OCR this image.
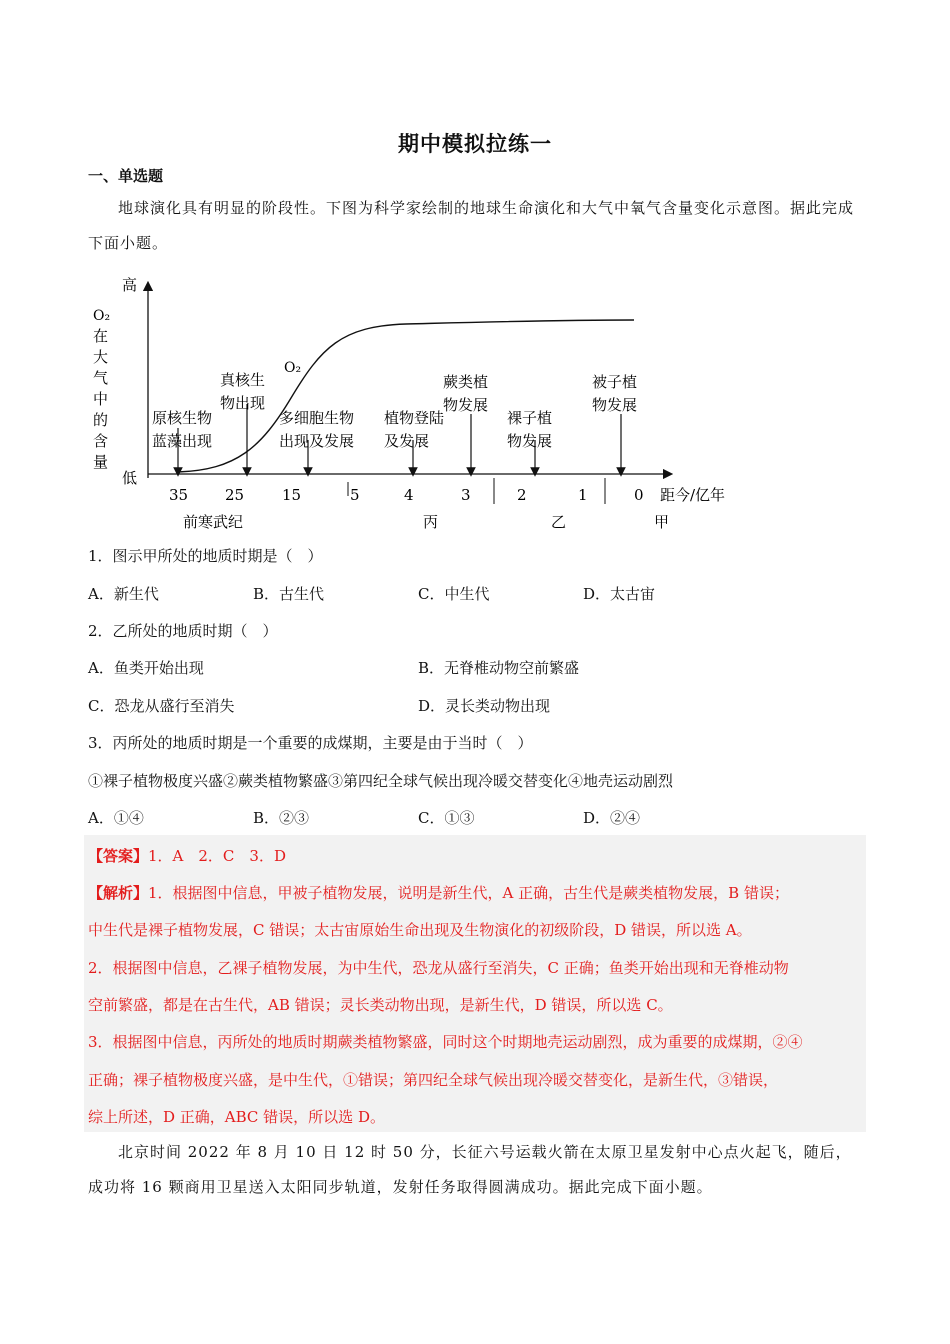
期中模拟拉练一
一、单选题
地球演化具有明显的阶段性。下图为科学家绘制的地球生命演化和大气中氧气含量变化示意图。据此完成下面小题。
高
低
O₂
在
大
气
中
的
含
量
O₂
原核生物
蓝藻出现
真核生
物出现
多细胞生物
出现及发展
植物登陆
及发展
蕨类植
物发展
裸子植
物发展
被子植
物发展
35 25	15	5	4	3	2	1	0 距今/亿年
前寒武纪	丙	乙	甲
1．图示甲所处的地质时期是（　）
A．新生代	B．古生代	C．中生代	D．太古宙
2．乙所处的地质时期（　）
A．鱼类开始出现	B．无脊椎动物空前繁盛
C．恐龙从盛行至消失	D．灵长类动物出现
3．丙所处的地质时期是一个重要的成煤期，主要是由于当时（　）
①裸子植物极度兴盛②蕨类植物繁盛③第四纪全球气候出现冷暖交替变化④地壳运动剧烈
A．①④	B．②③	C．①③	D．②④
【答案】1．A　2．C　3．D
【解析】1．根据图中信息，甲被子植物发展，说明是新生代，A 正确，古生代是蕨类植物发展，B 错误；
中生代是裸子植物发展，C 错误；太古宙原始生命出现及生物演化的初级阶段，D 错误，所以选 A。
2．根据图中信息，乙裸子植物发展，为中生代，恐龙从盛行至消失，C 正确；鱼类开始出现和无脊椎动物
空前繁盛，都是在古生代，AB 错误；灵长类动物出现，是新生代，D 错误，所以选 C。
3．根据图中信息，丙所处的地质时期蕨类植物繁盛，同时这个时期地壳运动剧烈，成为重要的成煤期，②④
正确；裸子植物极度兴盛，是中生代，①错误；第四纪全球气候出现冷暖交替变化，是新生代，③错误，
综上所述，D 正确，ABC 错误，所以选 D。
北京时间 2022 年 8 月 10 日 12 时 50 分，长征六号运载火箭在太原卫星发射中心点火起飞，随后，成功将 16 颗商用卫星送入太阳同步轨道，发射任务取得圆满成功。据此完成下面小题。
